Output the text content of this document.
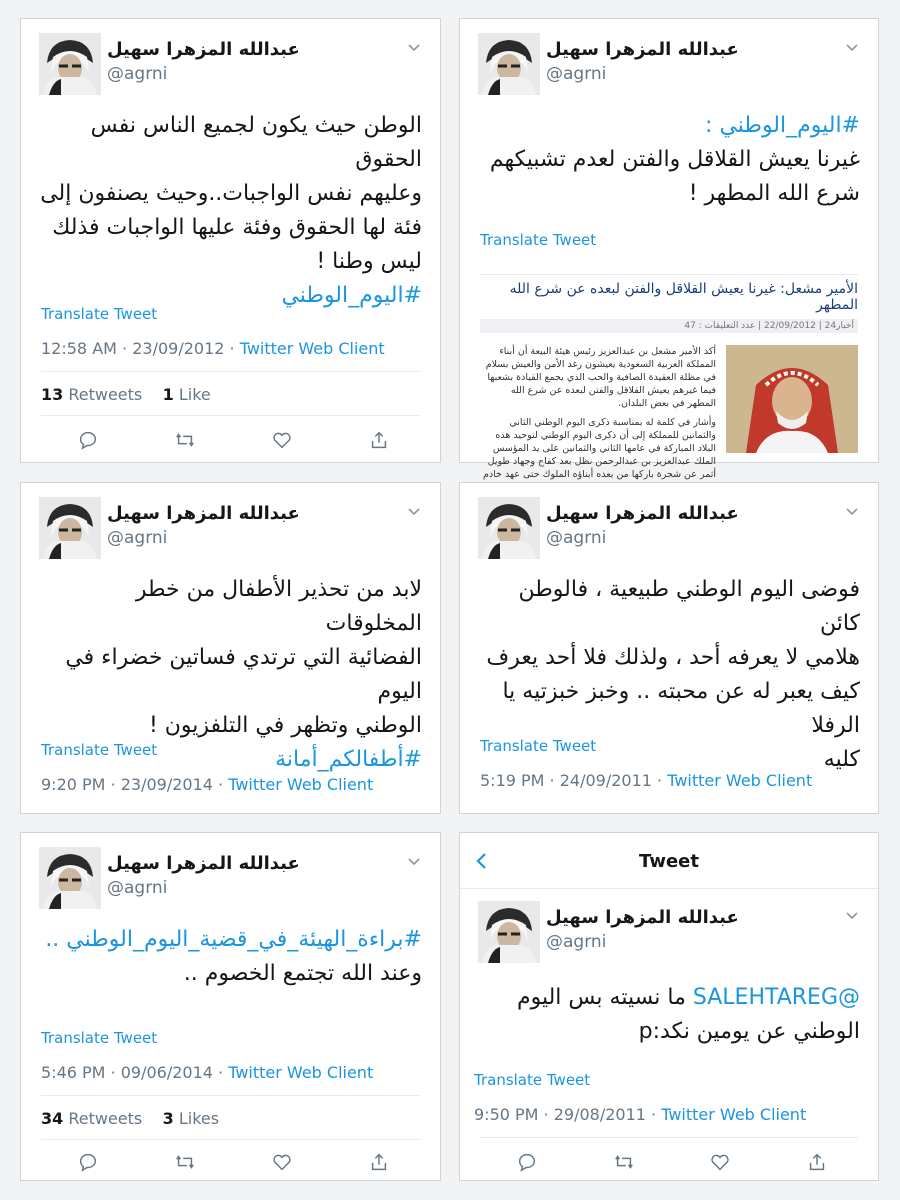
عبدالله المزهرا سهيل
@agrni
الوطن حيث يكون لجميع الناس نفس الحقوق
وعليهم نفس الواجبات..وحيث يصنفون إلى
فئة لها الحقوق وفئة عليها الواجبات فذلك
ليس وطنا !
#اليوم_الوطني
Translate Tweet
12:58 AM · 23/09/2012 · Twitter Web Client
13 Retweets 1 Like
عبدالله المزهرا سهيل
@agrni
#اليوم_الوطني :
غيرنا يعيش القلاقل والفتن لعدم تشبيكهم
شرع الله المطهر !
Translate Tweet
الأمير مشعل: غيرنا يعيش القلاقل والفتن لبعده عن شرع الله المطهر
أخبار24 | 22/09/2012 | عدد التعليقات : 47
أكد الأمير مشعل بن عبدالعزيز رئيس هيئة البيعة أن أبناء المملكة العربية السعودية يعيشون رغد الأمن والعيش بسلام في مظلة العقيدة الصافية والحب الذي يجمع القيادة بشعبها فيما غيرهم يعيش القلاقل والفتن لبعده عن شرع الله المطهر في بعض البلدان.
وأشار في كلمة له بمناسبة ذكرى اليوم الوطني الثاني والثمانين للمملكة إلى أن ذكرى اليوم الوطني لتوحيد هذه البلاد المباركة في عامها الثاني والثمانين على يد المؤسس الملك عبدالعزيز بن عبدالرحمن نظل بعد كفاح وجهاد طويل أثمر عن شجرة باركها من بعده أبناؤه الملوك حتى عهد خادم
عبدالله المزهرا سهيل
@agrni
لابد من تحذير الأطفال من خطر المخلوقات
الفضائية التي ترتدي فساتين خضراء في اليوم
الوطني وتظهر في التلفزيون !
#أطفالكم_أمانة
Translate Tweet
9:20 PM · 23/09/2014 · Twitter Web Client
عبدالله المزهرا سهيل
@agrni
فوضى اليوم الوطني طبيعية ، فالوطن كائن
هلامي لا يعرفه أحد ، ولذلك فلا أحد يعرف
كيف يعبر له عن محبته .. وخبز خبزتيه يا الرفلا
كليه
Translate Tweet
5:19 PM · 24/09/2011 · Twitter Web Client
عبدالله المزهرا سهيل
@agrni
#براءة_الهيئة_في_قضية_اليوم_الوطني ..
وعند الله تجتمع الخصوم ..
Translate Tweet
5:46 PM · 09/06/2014 · Twitter Web Client
34 Retweets 3 Likes
Tweet
عبدالله المزهرا سهيل
@agrni
@SALEHTAREG ما نسيته بس اليوم
الوطني عن يومين نكد:p
Translate Tweet
9:50 PM · 29/08/2011 · Twitter Web Client
